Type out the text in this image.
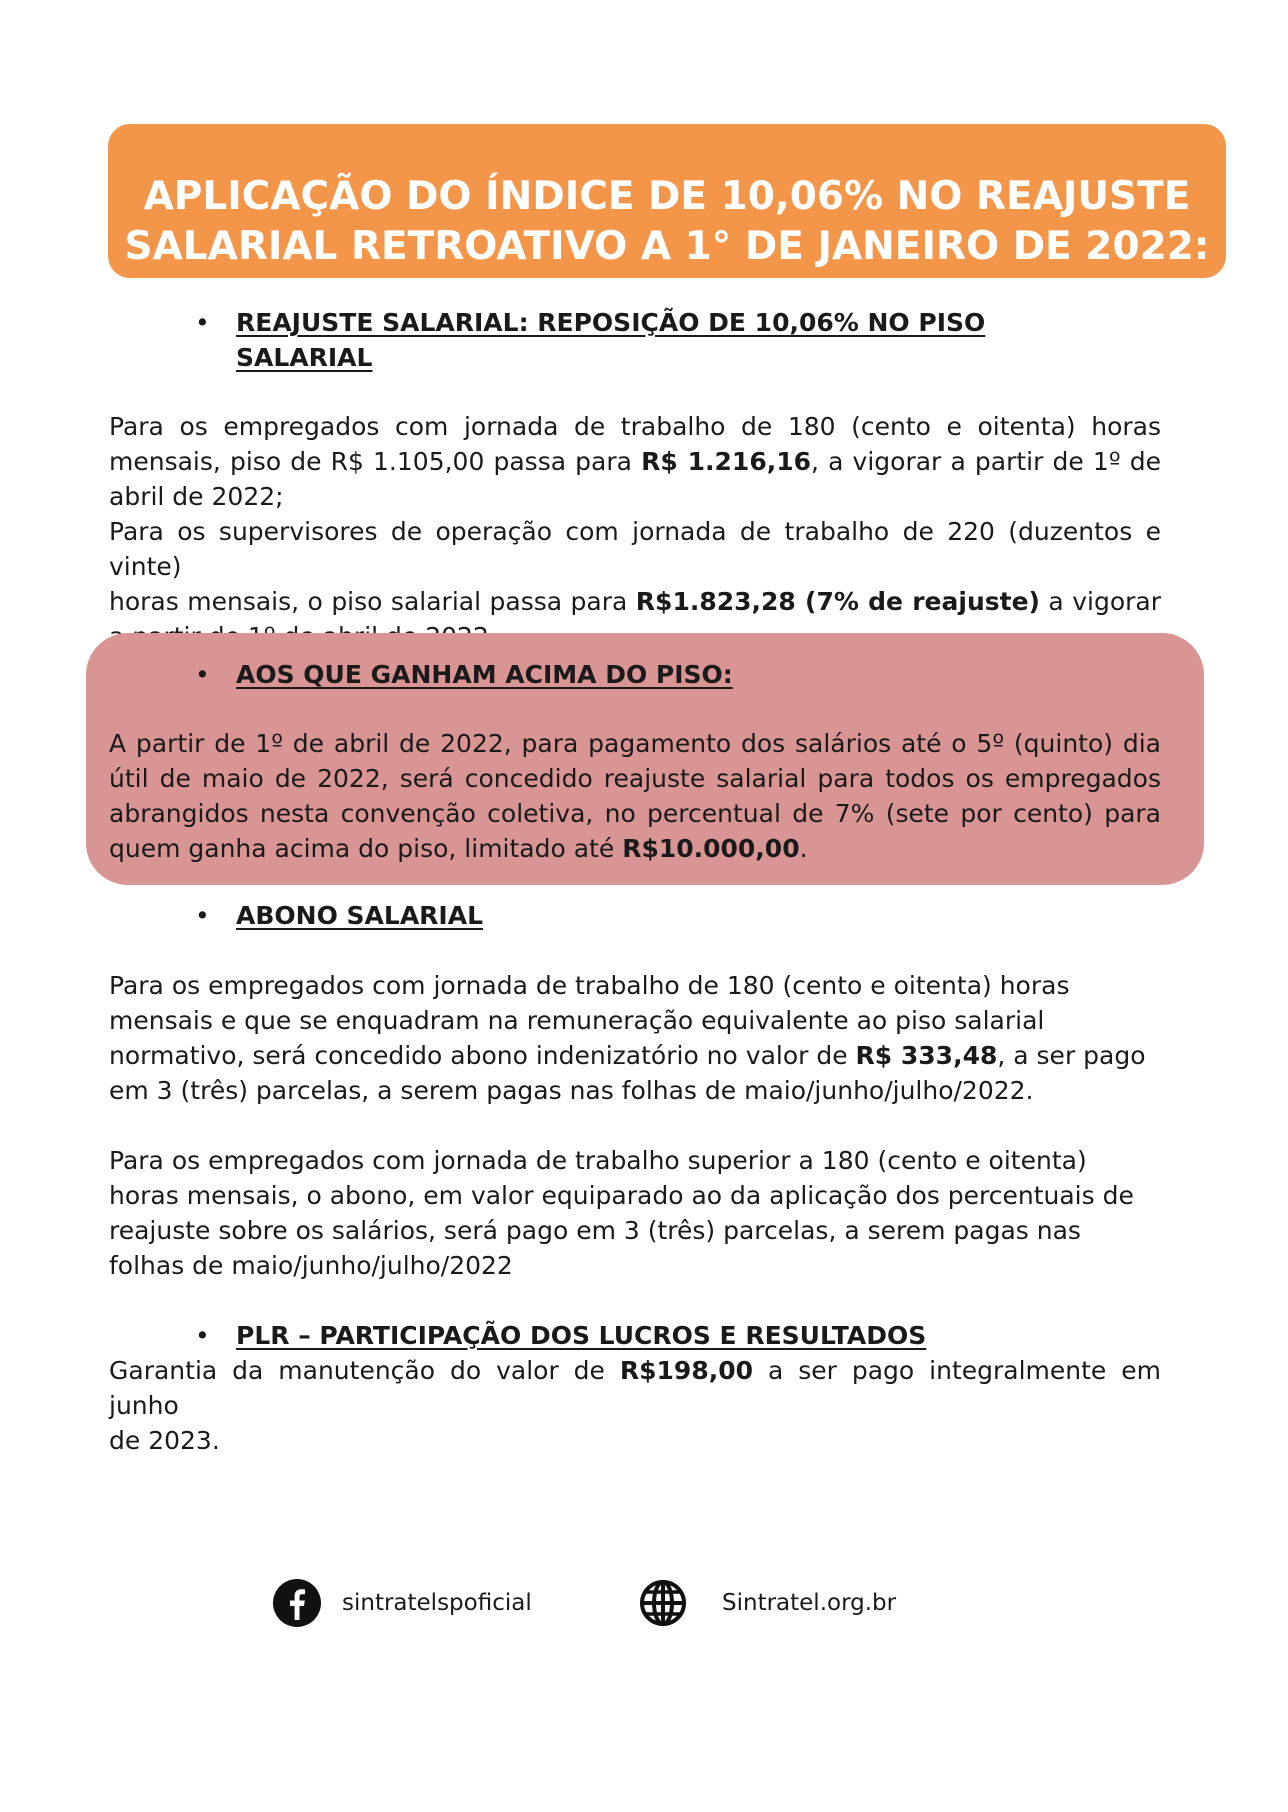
APLICAÇÃO DO ÍNDICE DE 10,06% NO REAJUSTE
SALARIAL RETROATIVO A 1° DE JANEIRO DE 2022:
• REAJUSTE SALARIAL: REPOSIÇÃO DE 10,06% NO PISO
SALARIAL
Para os empregados com jornada de trabalho de 180 (cento e oitenta) horas
mensais, piso de R$ 1.105,00 passa para R$ 1.216,16, a vigorar a partir de 1º de
abril de 2022;
Para os supervisores de operação com jornada de trabalho de 220 (duzentos e vinte)
horas mensais, o piso salarial passa para R$1.823,28 (7% de reajuste) a vigorar
• AOS QUE GANHAM ACIMA DO PISO:
A partir de 1º de abril de 2022, para pagamento dos salários até o 5º (quinto) dia
útil de maio de 2022, será concedido reajuste salarial para todos os empregados
abrangidos nesta convenção coletiva, no percentual de 7% (sete por cento) para
quem ganha acima do piso, limitado até R$10.000,00.
• ABONO SALARIAL
Para os empregados com jornada de trabalho de 180 (cento e oitenta) horas
mensais e que se enquadram na remuneração equivalente ao piso salarial
normativo, será concedido abono indenizatório no valor de R$ 333,48, a ser pago
em 3 (três) parcelas, a serem pagas nas folhas de maio/junho/julho/2022.
Para os empregados com jornada de trabalho superior a 180 (cento e oitenta)
horas mensais, o abono, em valor equiparado ao da aplicação dos percentuais de
reajuste sobre os salários, será pago em 3 (três) parcelas, a serem pagas nas
folhas de maio/junho/julho/2022
• PLR – PARTICIPAÇÃO DOS LUCROS E RESULTADOS
Garantia da manutenção do valor de R$198,00 a ser pago integralmente em junho
de 2023.
sintratelspoficial	Sintratel.org.br
